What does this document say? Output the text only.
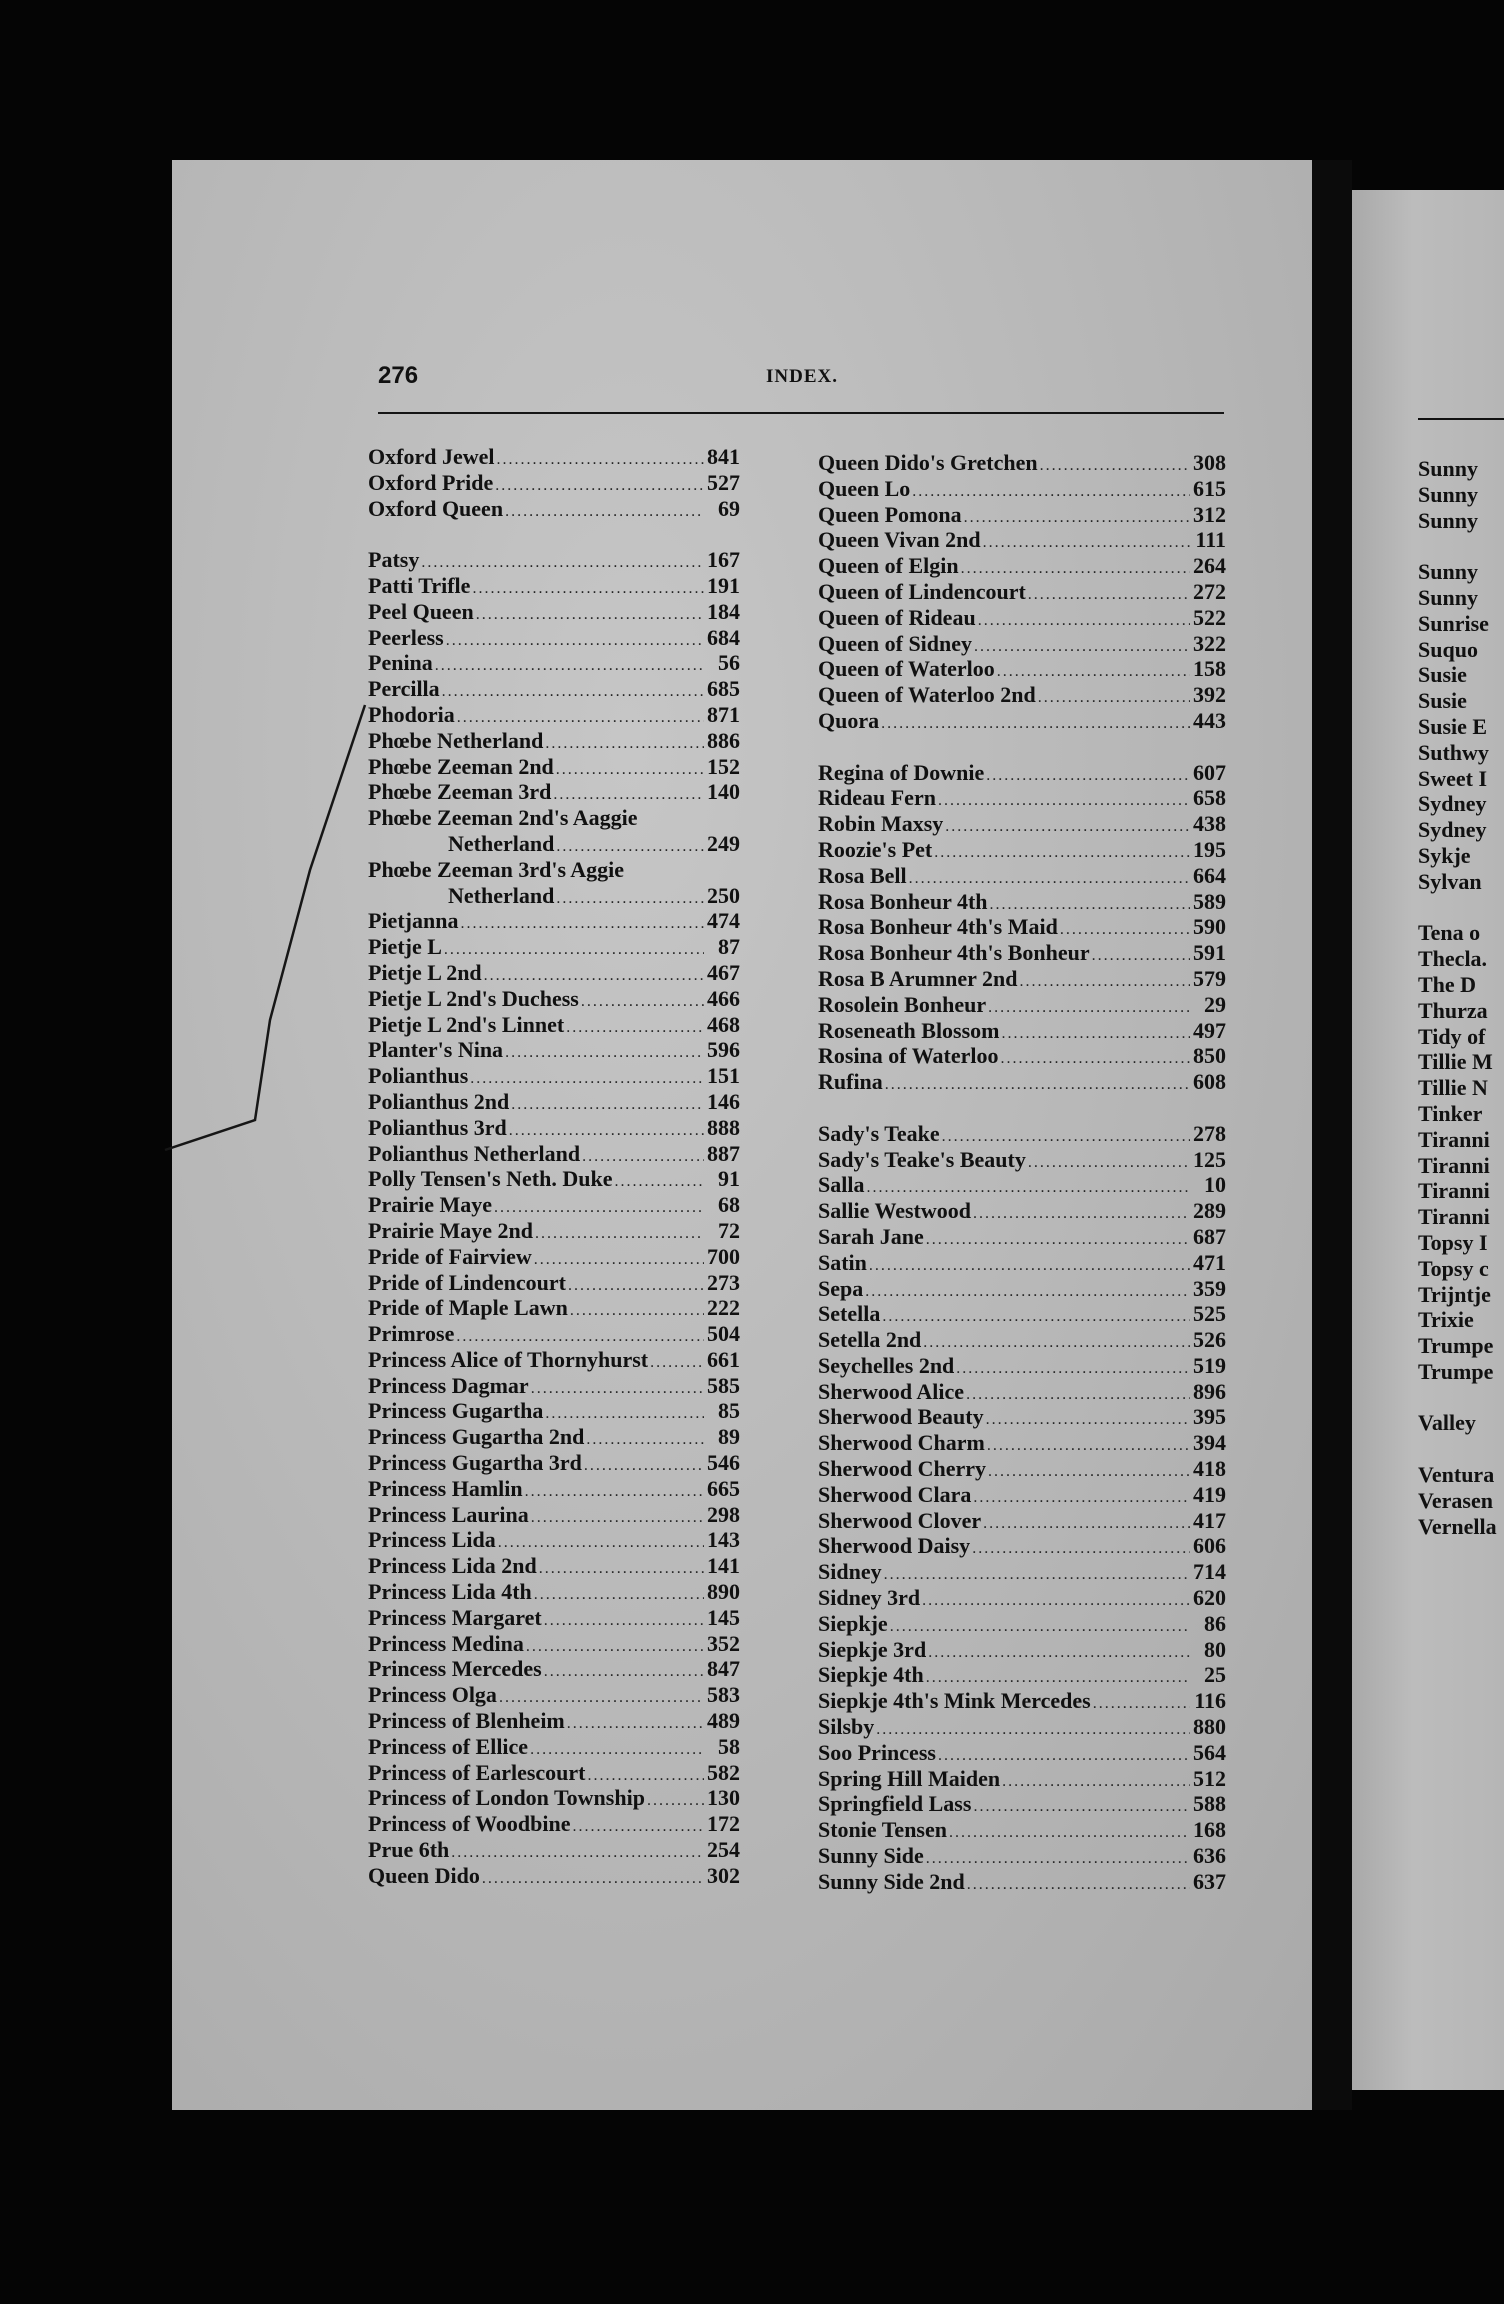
276	INDEX.
Oxford Jewel .....	841
Oxford Pride .....	527
Oxford Queen .....	69
Patsy .....	167
Patti Trifle .....	191
Peel Queen .....	184
Peerless .....	684
Penina .....	56
Percilla .....	685
Phodoria .....	871
Phœbe Netherland .....	886
Phœbe Zeeman 2nd .....	152
Phœbe Zeeman 3rd .....	140
Phœbe Zeeman 2nd's Aaggie
Netherland .....	249
Phœbe Zeeman 3rd's Aggie
Netherland .....	250
Pietjanna .....	474
Pietje L .....	87
Pietje L 2nd .....	467
Pietje L 2nd's Duchess .....	466
Pietje L 2nd's Linnet .....	468
Planter's Nina .....	596
Polianthus .....	151
Polianthus 2nd .....	146
Polianthus 3rd .....	888
Polianthus Netherland .....	887
Polly Tensen's Neth. Duke .....	91
Prairie Maye .....	68
Prairie Maye 2nd .....	72
Pride of Fairview .....	700
Pride of Lindencourt .....	273
Pride of Maple Lawn .....	222
Primrose .....	504
Princess Alice of Thornyhurst .....	661
Princess Dagmar .....	585
Princess Gugartha .....	85
Princess Gugartha 2nd .....	89
Princess Gugartha 3rd .....	546
Princess Hamlin .....	665
Princess Laurina .....	298
Princess Lida .....	143
Princess Lida 2nd .....	141
Princess Lida 4th .....	890
Princess Margaret .....	145
Princess Medina .....	352
Princess Mercedes .....	847
Princess Olga .....	583
Princess of Blenheim .....	489
Princess of Ellice .....	58
Princess of Earlescourt .....	582
Princess of London Township .....	130
Princess of Woodbine .....	172
Prue 6th .....	254
Queen Dido .....	302
Queen Dido's Gretchen .....	308
Queen Lo .....	615
Queen Pomona .....	312
Queen Vivan 2nd .....	111
Queen of Elgin .....	264
Queen of Lindencourt .....	272
Queen of Rideau .....	522
Queen of Sidney .....	322
Queen of Waterloo .....	158
Queen of Waterloo 2nd .....	392
Quora .....	443
Regina of Downie .....	607
Rideau Fern .....	658
Robin Maxsy .....	438
Roozie's Pet .....	195
Rosa Bell .....	664
Rosa Bonheur 4th .....	589
Rosa Bonheur 4th's Maid .....	590
Rosa Bonheur 4th's Bonheur .....	591
Rosa B Arumner 2nd .....	579
Rosolein Bonheur .....	29
Roseneath Blossom .....	497
Rosina of Waterloo .....	850
Rufina .....	608
Sady's Teake .....	278
Sady's Teake's Beauty .....	125
Salla .....	10
Sallie Westwood .....	289
Sarah Jane .....	687
Satin .....	471
Sepa .....	359
Setella .....	525
Setella 2nd .....	526
Seychelles 2nd .....	519
Sherwood Alice .....	896
Sherwood Beauty .....	395
Sherwood Charm .....	394
Sherwood Cherry .....	418
Sherwood Clara .....	419
Sherwood Clover .....	417
Sherwood Daisy .....	606
Sidney .....	714
Sidney 3rd .....	620
Siepkje .....	86
Siepkje 3rd .....	80
Siepkje 4th .....	25
Siepkje 4th's Mink Mercedes .....	116
Silsby .....	880
Soo Princess .....	564
Spring Hill Maiden .....	512
Springfield Lass .....	588
Stonie Tensen .....	168
Sunny Side .....	636
Sunny Side 2nd .....	637
Sunny
Sunny
Sunny
Sunny
Sunny
Sunrise
Suquo
Susie
Susie
Susie E
Suthwy
Sweet I
Sydney
Sydney
Sykje
Sylvan
Tena o
Thecla.
The D
Thurza
Tidy of
Tillie M
Tillie N
Tinker
Tiranni
Tiranni
Tiranni
Tiranni
Topsy I
Topsy c
Trijntje
Trixie
Trumpe
Trumpe
Valley
Ventura
Verasen
Vernella
